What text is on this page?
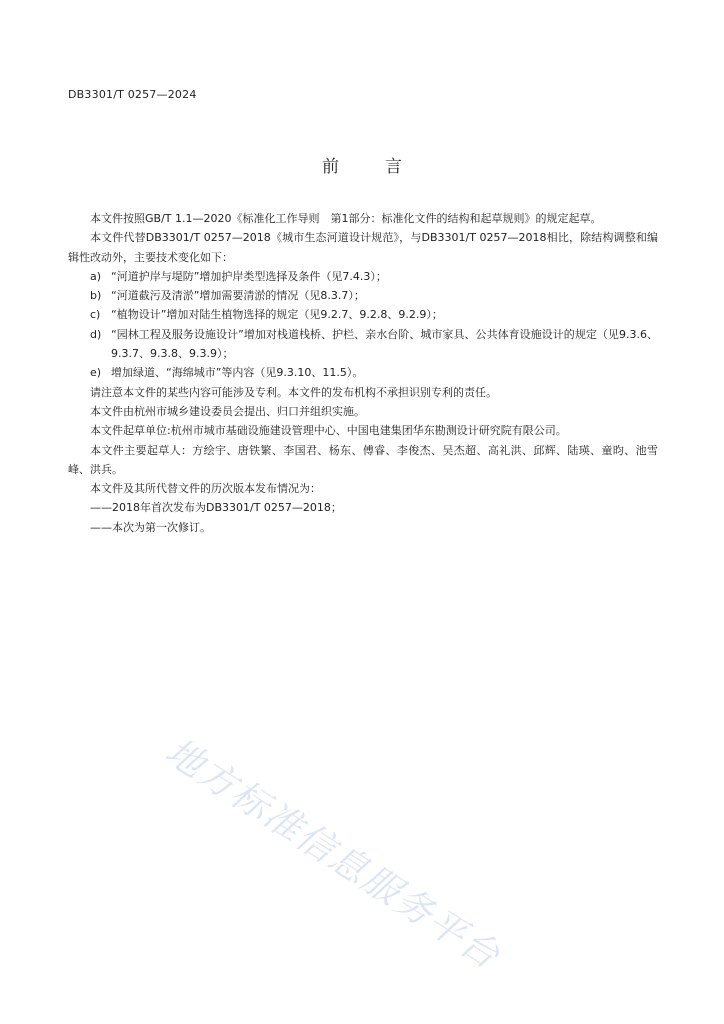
DB3301/T 0257—2024
前	言

本文件按照GB/T 1.1—2020《标准化工作导则　第1部分：标准化文件的结构和起草规则》的规定起草。

本文件代替DB3301/T 0257—2018《城市生态河道设计规范》，与DB3301/T 0257—2018相比，除结构调整和编辑性改动外，主要技术变化如下：

a) “河道护岸与堤防”增加护岸类型选择及条件（见7.4.3）；

b) “河道截污及清淤”增加需要清淤的情况（见8.3.7）；

c) “植物设计”增加对陆生植物选择的规定（见9.2.7、9.2.8、9.2.9）；

d) “园林工程及服务设施设计”增加对栈道栈桥、护栏、亲水台阶、城市家具、公共体育设施设计的规定（见9.3.6、9.3.7、9.3.8、9.3.9）；

e) 增加绿道、“海绵城市”等内容（见9.3.10、11.5）。

请注意本文件的某些内容可能涉及专利。本文件的发布机构不承担识别专利的责任。

本文件由杭州市城乡建设委员会提出、归口并组织实施。

本文件起草单位:杭州市城市基础设施建设管理中心、中国电建集团华东勘测设计研究院有限公司。

本文件主要起草人：方绘宇、唐铁繁、李国君、杨东、傅睿、李俊杰、吴杰超、高礼洪、邱辉、陆瑛、童昀、池雪峰、洪兵。

本文件及其所代替文件的历次版本发布情况为：

——2018年首次发布为DB3301/T 0257—2018；

——本次为第一次修订。

地方标准信息服务平台
